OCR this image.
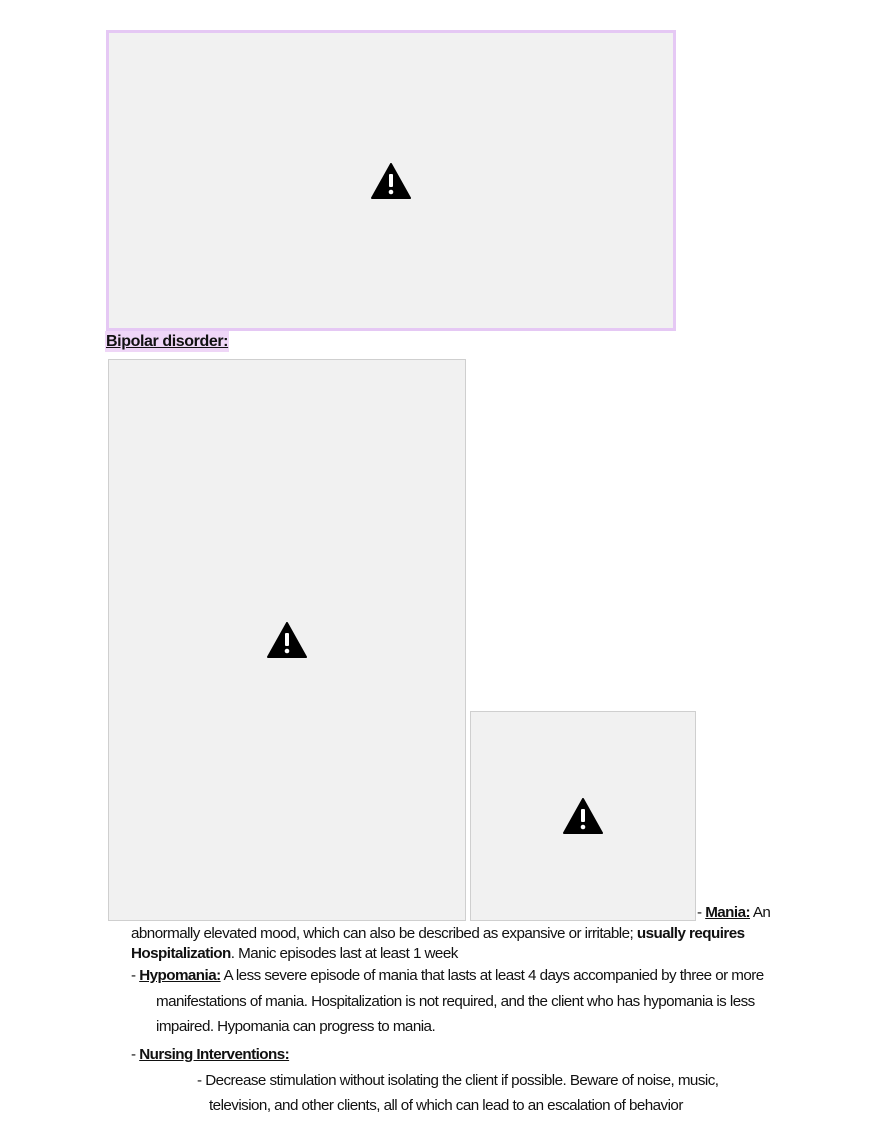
Bipolar disorder:
- Mania: An
abnormally elevated mood, which can also be described as expansive or irritable; usually requires
Hospitalization. Manic episodes last at least 1 week
- Hypomania: A less severe episode of mania that lasts at least 4 days accompanied by three or more
manifestations of mania. Hospitalization is not required, and the client who has hypomania is less
impaired. Hypomania can progress to mania.
- Nursing Interventions:
- Decrease stimulation without isolating the client if possible. Beware of noise, music,
television, and other clients, all of which can lead to an escalation of behavior
